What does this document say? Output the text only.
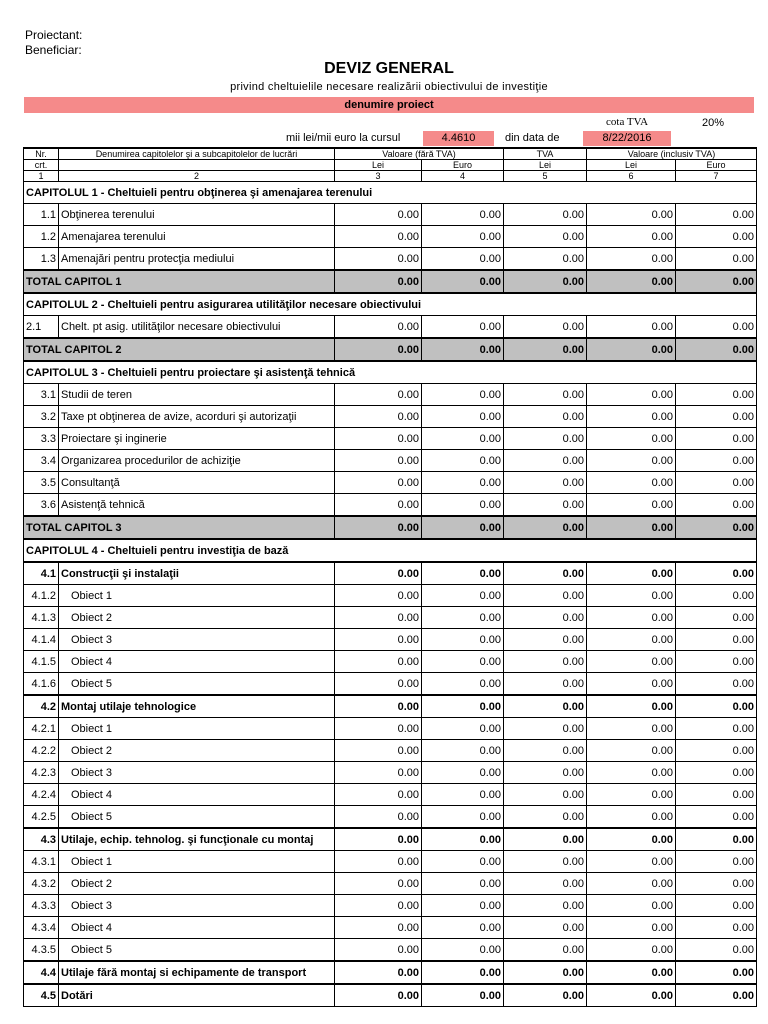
Proiectant:
Beneficiar:
DEVIZ GENERAL
privind cheltuielile necesare realizării obiectivului de investiţie
denumire proiect
cota TVA	20%
mii lei/mii euro la cursul	4.4610	din data de	8/22/2016
Nr.	Denumirea capitolelor şi a subcapitolelor de lucrări	Valoare (fără TVA)		TVA	Valoare (inclusiv TVA)	
crt.		Lei	Euro	Lei	Lei	Euro
1	2	3	4	5	6	7
CAPITOLUL 1 - Cheltuieli pentru obţinerea şi amenajarea terenului						
1.1	Obţinerea terenului	0.00	0.00	0.00	0.00	0.00
1.2	Amenajarea terenului	0.00	0.00	0.00	0.00	0.00
1.3	Amenajări pentru protecţia mediului	0.00	0.00	0.00	0.00	0.00
TOTAL CAPITOL 1		0.00	0.00	0.00	0.00	0.00
CAPITOLUL 2 - Cheltuieli pentru asigurarea utilităţilor necesare obiectivului						
2.1	Chelt. pt asig. utilităţilor necesare obiectivului	0.00	0.00	0.00	0.00	0.00
TOTAL CAPITOL 2		0.00	0.00	0.00	0.00	0.00
CAPITOLUL 3 - Cheltuieli pentru proiectare şi asistenţă tehnică						
3.1	Studii de teren	0.00	0.00	0.00	0.00	0.00
3.2	Taxe pt obţinerea de avize, acorduri şi autorizaţii	0.00	0.00	0.00	0.00	0.00
3.3	Proiectare şi inginerie	0.00	0.00	0.00	0.00	0.00
3.4	Organizarea procedurilor de achiziţie	0.00	0.00	0.00	0.00	0.00
3.5	Consultanţă	0.00	0.00	0.00	0.00	0.00
3.6	Asistenţă tehnică	0.00	0.00	0.00	0.00	0.00
TOTAL CAPITOL 3		0.00	0.00	0.00	0.00	0.00
CAPITOLUL 4 - Cheltuieli pentru investiţia de bază						
4.1	Construcţii şi instalaţii	0.00	0.00	0.00	0.00	0.00
4.1.2	Obiect 1	0.00	0.00	0.00	0.00	0.00
4.1.3	Obiect 2	0.00	0.00	0.00	0.00	0.00
4.1.4	Obiect 3	0.00	0.00	0.00	0.00	0.00
4.1.5	Obiect 4	0.00	0.00	0.00	0.00	0.00
4.1.6	Obiect 5	0.00	0.00	0.00	0.00	0.00
4.2	Montaj utilaje tehnologice	0.00	0.00	0.00	0.00	0.00
4.2.1	Obiect 1	0.00	0.00	0.00	0.00	0.00
4.2.2	Obiect 2	0.00	0.00	0.00	0.00	0.00
4.2.3	Obiect 3	0.00	0.00	0.00	0.00	0.00
4.2.4	Obiect 4	0.00	0.00	0.00	0.00	0.00
4.2.5	Obiect 5	0.00	0.00	0.00	0.00	0.00
4.3	Utilaje, echip. tehnolog. şi funcţionale cu montaj	0.00	0.00	0.00	0.00	0.00
4.3.1	Obiect 1	0.00	0.00	0.00	0.00	0.00
4.3.2	Obiect 2	0.00	0.00	0.00	0.00	0.00
4.3.3	Obiect 3	0.00	0.00	0.00	0.00	0.00
4.3.4	Obiect 4	0.00	0.00	0.00	0.00	0.00
4.3.5	Obiect 5	0.00	0.00	0.00	0.00	0.00
4.4	Utilaje fără montaj si echipamente de transport	0.00	0.00	0.00	0.00	0.00
4.5	Dotări	0.00	0.00	0.00	0.00	0.00
